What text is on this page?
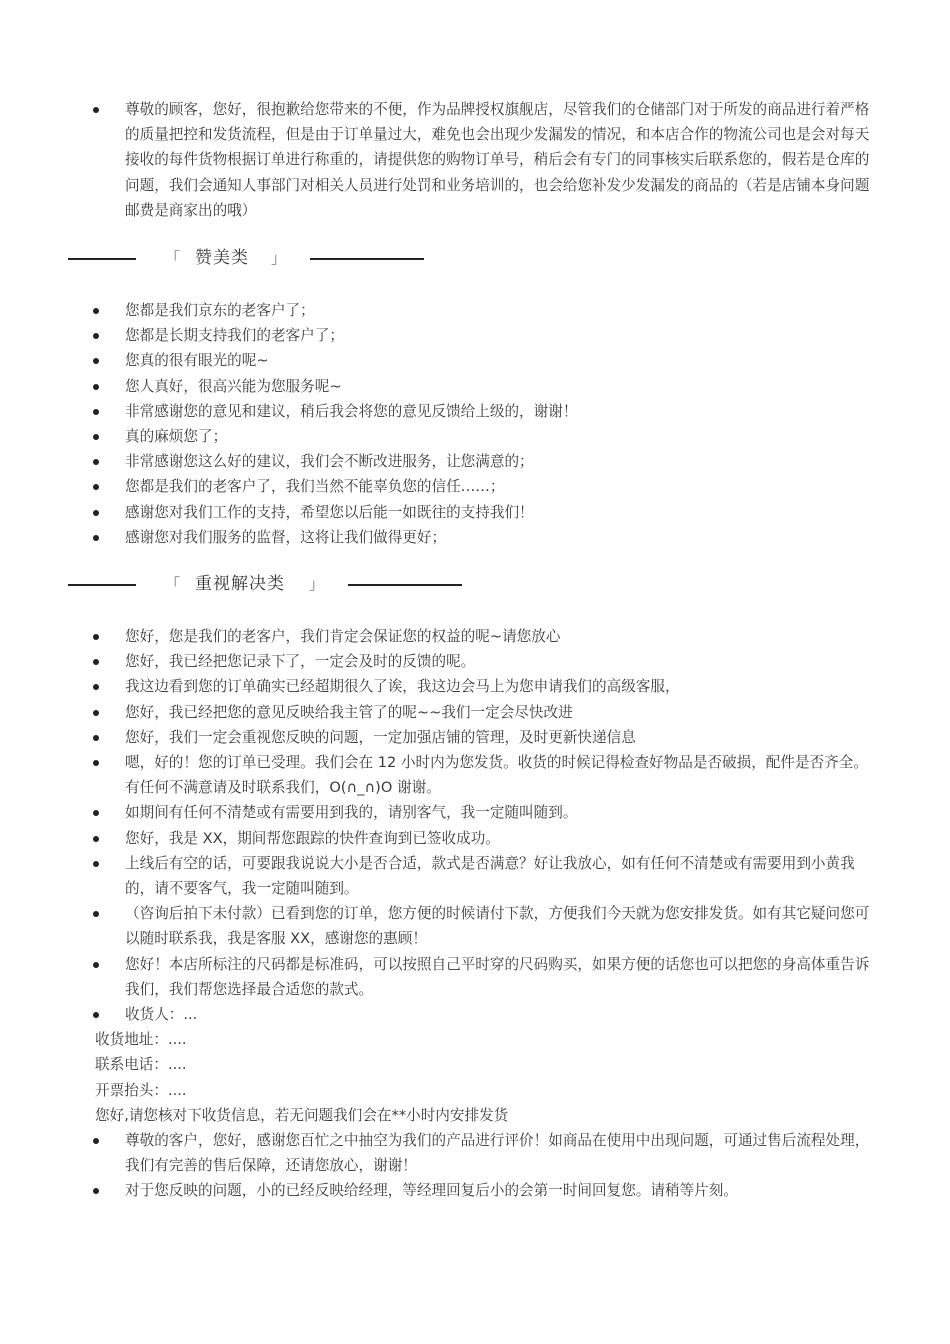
尊敬的顾客，您好，很抱歉给您带来的不便，作为品牌授权旗舰店，尽管我们的仓储部门对于所发的商品进行着严格的质量把控和发货流程，但是由于订单量过大，难免也会出现少发漏发的情况，和本店合作的物流公司也是会对每天接收的每件货物根据订单进行称重的，请提供您的购物订单号，稍后会有专门的同事核实后联系您的，假若是仓库的问题，我们会通知人事部门对相关人员进行处罚和业务培训的，也会给您补发少发漏发的商品的（若是店铺本身问题邮费是商家出的哦）
「 赞美类 」
您都是我们京东的老客户了；
您都是长期支持我们的老客户了；
您真的很有眼光的呢~
您人真好，很高兴能为您服务呢~
非常感谢您的意见和建议，稍后我会将您的意见反馈给上级的，谢谢！
真的麻烦您了；
非常感谢您这么好的建议，我们会不断改进服务，让您满意的；
您都是我们的老客户了，我们当然不能辜负您的信任……；
感谢您对我们工作的支持，希望您以后能一如既往的支持我们！
感谢您对我们服务的监督，这将让我们做得更好；
「 重视解决类 」
您好，您是我们的老客户，我们肯定会保证您的权益的呢~请您放心
您好，我已经把您记录下了，一定会及时的反馈的呢。
我这边看到您的订单确实已经超期很久了诶，我这边会马上为您申请我们的高级客服，
您好，我已经把您的意见反映给我主管了的呢~~我们一定会尽快改进
您好，我们一定会重视您反映的问题，一定加强店铺的管理，及时更新快递信息
嗯，好的！您的订单已受理。我们会在 12 小时内为您发货。收货的时候记得检查好物品是否破损，配件是否齐全。有任何不满意请及时联系我们，O(∩_∩)O 谢谢。
如期间有任何不清楚或有需要用到我的，请别客气，我一定随叫随到。
您好，我是 XX，期间帮您跟踪的快件查询到已签收成功。
上线后有空的话，可要跟我说说大小是否合适，款式是否满意？好让我放心，如有任何不清楚或有需要用到小黄我的，请不要客气，我一定随叫随到。
（咨询后拍下未付款）已看到您的订单，您方便的时候请付下款，方便我们今天就为您安排发货。如有其它疑问您可以随时联系我，我是客服 XX，感谢您的惠顾！
您好！本店所标注的尺码都是标准码，可以按照自己平时穿的尺码购买，如果方便的话您也可以把您的身高体重告诉我们，我们帮您选择最合适您的款式。
收货人：...
收货地址：....
联系电话：....
开票抬头：....
您好,请您核对下收货信息，若无问题我们会在**小时内安排发货
尊敬的客户，您好，感谢您百忙之中抽空为我们的产品进行评价！如商品在使用中出现问题，可通过售后流程处理，我们有完善的售后保障，还请您放心，谢谢！
对于您反映的问题，小的已经反映给经理，等经理回复后小的会第一时间回复您。请稍等片刻。
